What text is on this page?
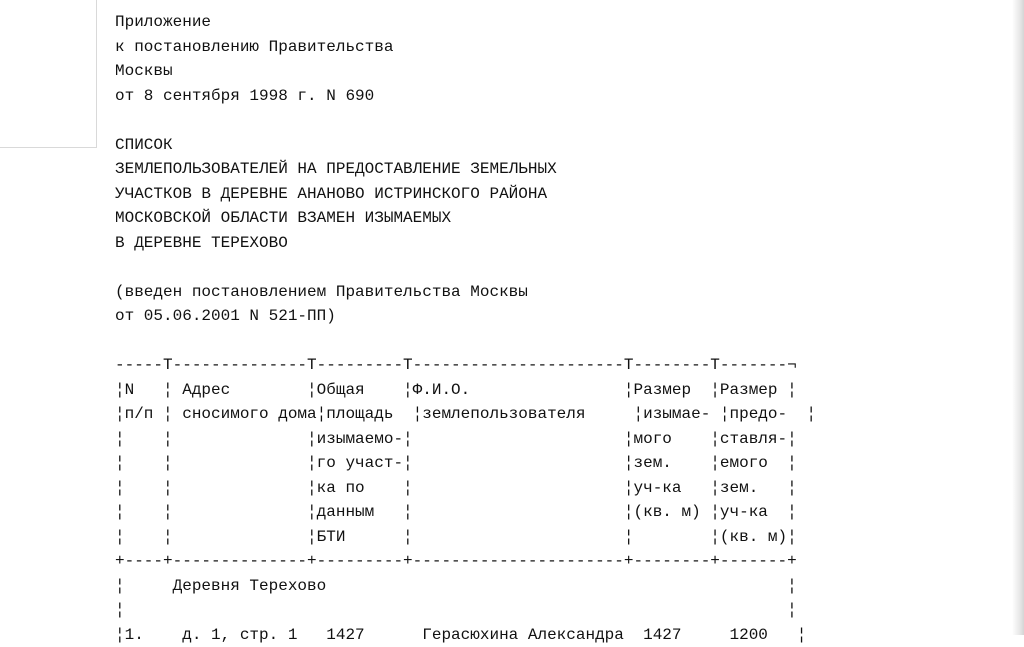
Приложение
к постановлению Правительства
Москвы
от 8 сентября 1998 г. N 690
СПИСОК
ЗЕМЛЕПОЛЬЗОВАТЕЛЕЙ НА ПРЕДОСТАВЛЕНИЕ ЗЕМЕЛЬНЫХ
УЧАСТКОВ В ДЕРЕВНЕ АНАНОВО ИСТРИНСКОГО РАЙОНА
МОСКОВСКОЙ ОБЛАСТИ ВЗАМЕН ИЗЫМАЕМЫХ
В ДЕРЕВНЕ ТЕРЕХОВО
(введен постановлением Правительства Москвы
от 05.06.2001 N 521-ПП)
-----T--------------T---------T----------------------T--------T-------¬
¦N   ¦ Адрес        ¦Общая    ¦Ф.И.О.                ¦Размер  ¦Размер ¦
¦п/п ¦ сносимого дома¦площадь  ¦землепользователя     ¦изымае- ¦предо-  ¦
¦    ¦              ¦изымаемо-¦                      ¦мого    ¦ставля-¦
¦    ¦              ¦го участ-¦                      ¦зем.    ¦емого  ¦
¦    ¦              ¦ка по    ¦                      ¦уч-ка   ¦зем.   ¦
¦    ¦              ¦данным   ¦                      ¦(кв. м) ¦уч-ка  ¦
¦    ¦              ¦БТИ      ¦                      ¦        ¦(кв. м)¦
+----+--------------+---------+----------------------+--------+-------+
¦     Деревня Терехово                                                ¦
¦                                                                     ¦
¦1.    д. 1, стр. 1   1427      Герасюхина Александра  1427     1200   ¦
